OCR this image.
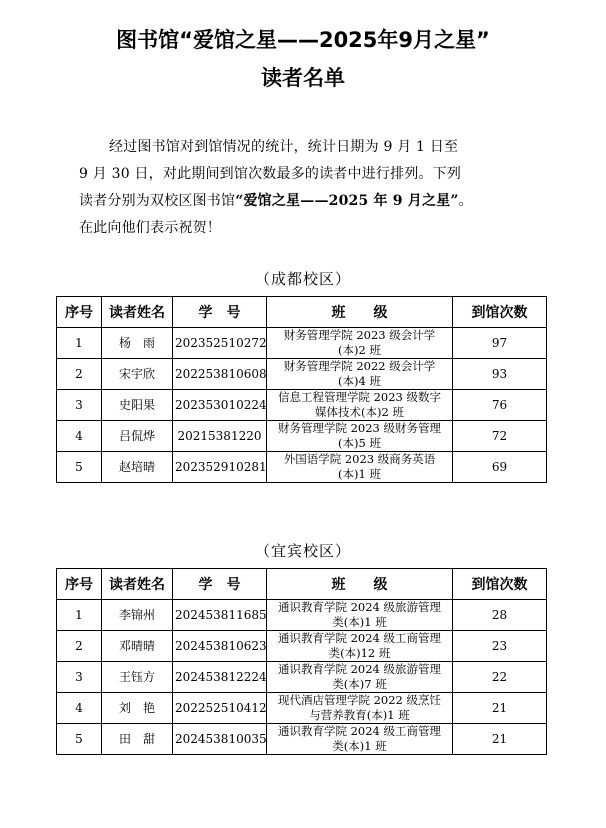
图书馆“爱馆之星——2025年9月之星”
读者名单

经过图书馆对到馆情况的统计，统计日期为 9 月 1 日至

9 月 30 日，对此期间到馆次数最多的读者中进行排列。下列

读者分别为双校区图书馆“爱馆之星——2025 年 9 月之星”。

在此向他们表示祝贺！

（成都校区）
序号	读者姓名	学　号	班　　级	到馆次数
1	杨　雨	202352510272	财务管理学院 2023 级会计学
(本)2 班	97
2	宋宇欣	202253810608	财务管理学院 2022 级会计学
(本)4 班	93
3	史阳果	202353010224	信息工程管理学院 2023 级数字
媒体技术(本)2 班	76
4	吕侃烨	20215381220	财务管理学院 2023 级财务管理
(本)5 班	72
5	赵培晴	202352910281	外国语学院 2023 级商务英语
(本)1 班	69
（宜宾校区）
序号	读者姓名	学　号	班　　级	到馆次数
1	李锦州	202453811685	通识教育学院 2024 级旅游管理
类(本)1 班	28
2	邓晴晴	202453810623	通识教育学院 2024 级工商管理
类(本)12 班	23
3	王钰方	202453812224	通识教育学院 2024 级旅游管理
类(本)7 班	22
4	刘　艳	202252510412	现代酒店管理学院 2022 级烹饪
与营养教育(本)1 班	21
5	田　甜	202453810035	通识教育学院 2024 级工商管理
类(本)1 班	21
